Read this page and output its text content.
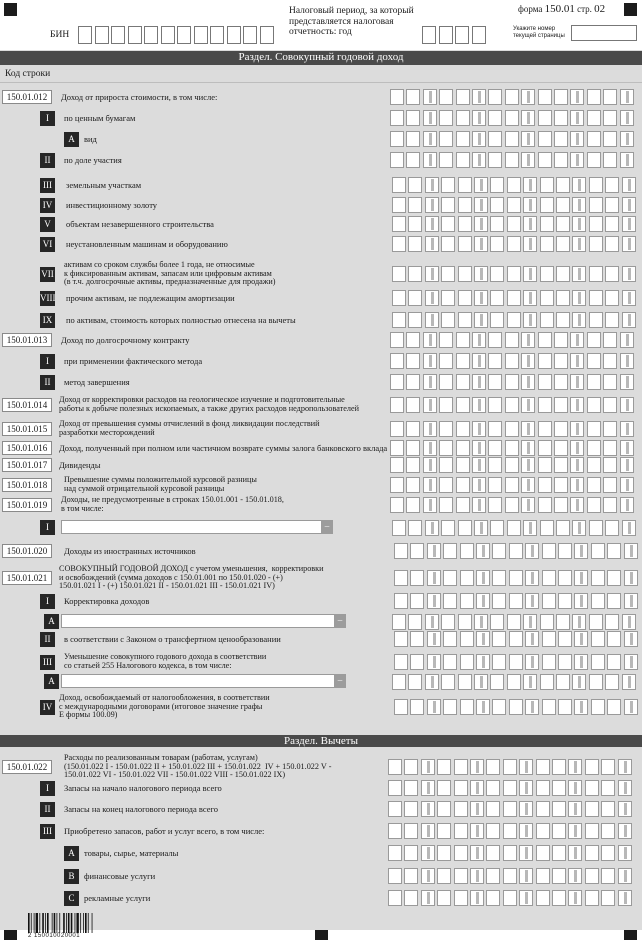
БИН
Налоговый период, за который представляется налоговая отчетность: год
форма 150.01 стр. 02
Укажите номер текущей страницы
Раздел. Совокупный годовой доход
Код строки
Раздел. Вычеты
150.01.012	Доход от прироста стоимости, в том числе:
I	по ценным бумагам
A	вид
II	по доле участия
III	земельным участкам
IV	инвестиционному золоту
V	объектам незавершенного строительства
VI	неустановленным машинам и оборудованию
VII
активам со сроком службы более 1 года, не относимые
к фиксированным активам, запасам или цифровым активам
(в т.ч. долгосрочные активы, предназначенные для продажи)
VIII прочим активам, не подлежащим амортизации
IX	по активам, стоимость которых полностью отнесена на вычеты
150.01.013	Доход по долгосрочному контракту
I	при применении фактического метода
II	метод завершения
150.01.014
Доход от корректировки расходов на геологическое изучение и подготовительные
работы к добыче полезных ископаемых, а также других расходов недропользователей
150.01.015
Доход от превышения суммы отчислений в фонд ликвидации последствий
разработки месторождений
150.01.016	Доход, полученный при полном или частичном возврате суммы залога банковского вклада
150.01.017	Дивиденды
150.01.018
Превышение суммы положительной курсовой разницы
над суммой отрицательной курсовой разницы
150.01.019
Доходы, не предусмотренные в строках 150.01.001 - 150.01.018,
в том числе:
I	‒
150.01.020	Доходы из иностранных источников
150.01.021
СОВОКУПНЫЙ ГОДОВОЙ ДОХОД с учетом уменьшения,  корректировки
и освобождений (сумма доходов с 150.01.001 по 150.01.020 - (+)
150.01.021 I - (+) 150.01.021 II - 150.01.021 III - 150.01.021 IV)
I	Корректировка доходов
A	‒
II	в соответствии с Законом о трансфертном ценообразовании
III
Уменьшение совокупного годового дохода в соответствии
со статьей 255 Налогового кодекса, в том числе:
A	‒
IV
Доход, освобождаемый от налогообложения, в соответствии
с международными договорами (итоговое значение графы
Е формы 100.09)
150.01.022
Расходы по реализованным товарам (работам, услугам)
(150.01.022 I - 150.01.022 II + 150.01.022 III + 150.01.022  IV + 150.01.022 V -
150.01.022 VI - 150.01.022 VII - 150.01.022 VIII - 150.01.022 IX)
I	Запасы на начало налогового периода всего
II	Запасы на конец налогового периода всего
III	Приобретено запасов, работ и услуг всего, в том числе:
A	товары, сырье, материалы
B	финансовые услуги
C	рекламные услуги
2 150010020001
